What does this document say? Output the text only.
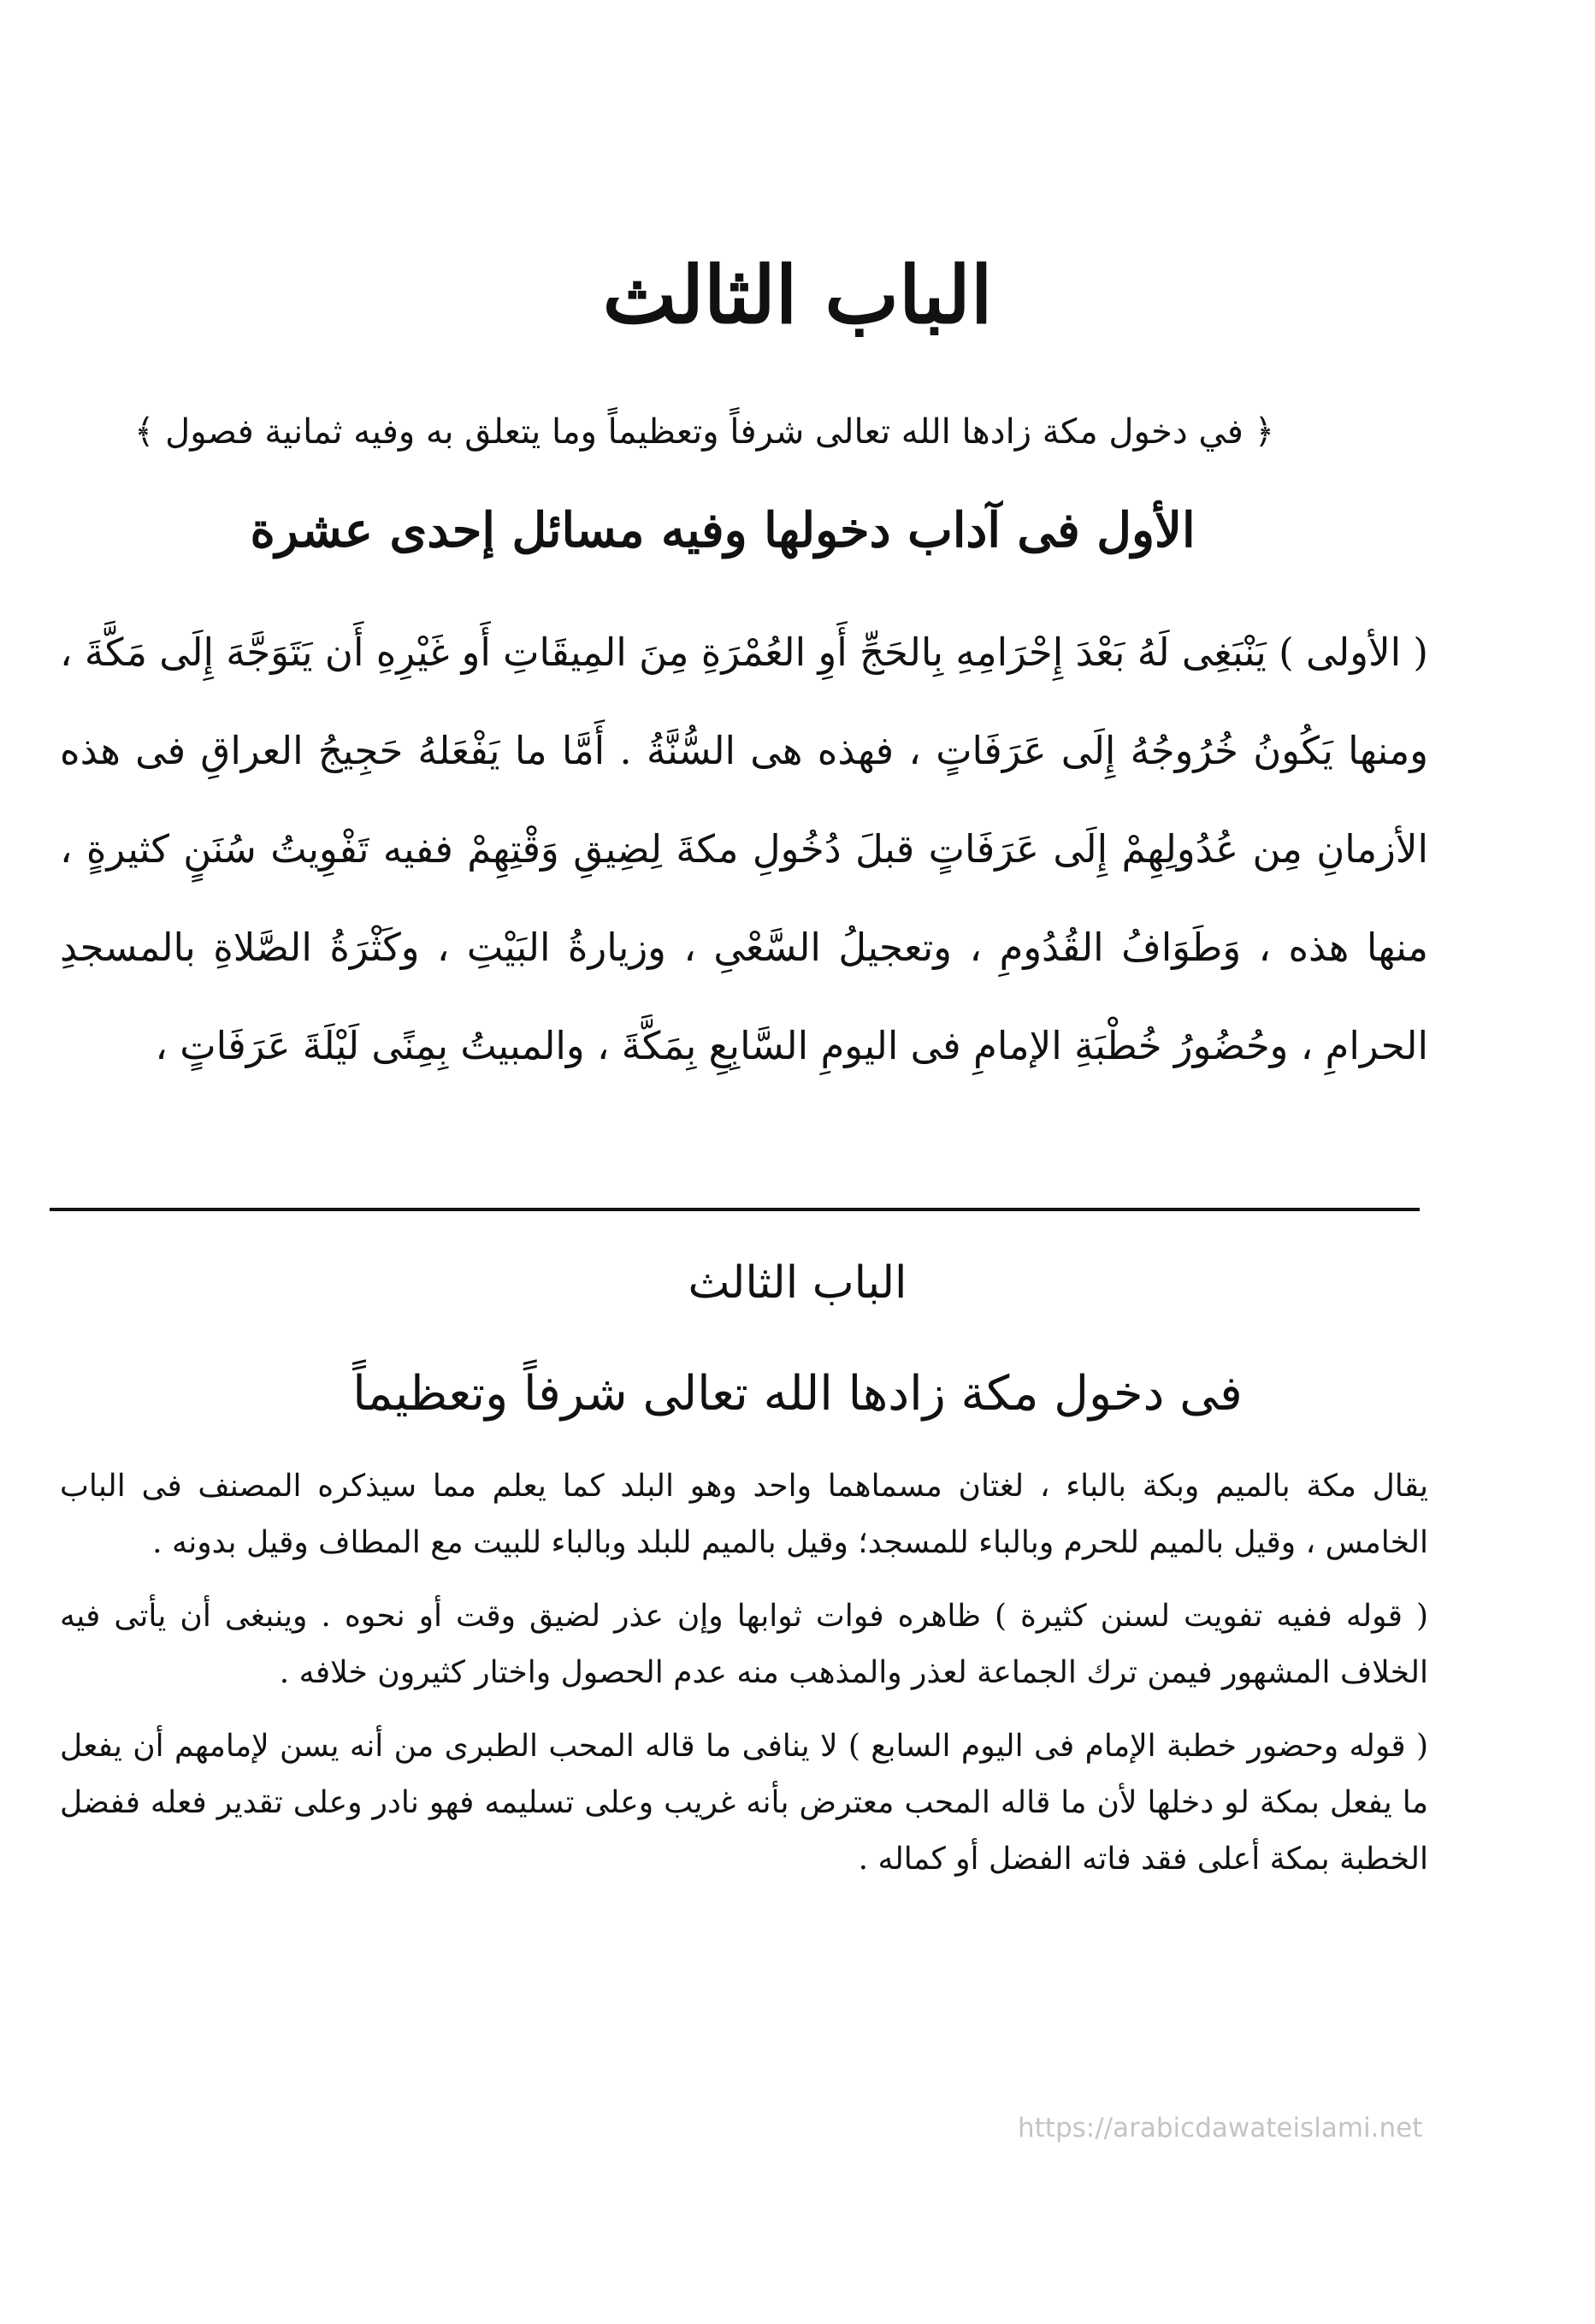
الباب الثالث
﴿ في دخول مكة زادها الله تعالى شرفاً وتعظيماً وما يتعلق به وفيه ثمانية فصول ﴾
الأول فى آداب دخولها وفيه مسائل إحدى عشرة

( الأولى ) يَنْبَغِى لَهُ بَعْدَ إِحْرَامِهِ بِالحَجِّ أَوِ العُمْرَةِ مِنَ المِيقَاتِ أَو غَيْرِهِ أَن يَتَوَجَّهَ إِلَى مَكَّةَ ، ومنها يَكُونُ خُرُوجُهُ إِلَى عَرَفَاتٍ ، فهذه هى السُّنَّةُ . أَمَّا ما يَفْعَلهُ حَجِيجُ العراقِ فى هذه الأزمانِ مِن عُدُولِهِمْ إِلَى عَرَفَاتٍ قبلَ دُخُولِ مكةَ لِضِيقِ وَقْتِهِمْ ففيه تَفْوِيتُ سُنَنٍ كثيرةٍ ، منها هذه ، وَطَوَافُ القُدُومِ ، وتعجيلُ السَّعْىِ ، وزيارةُ البَيْتِ ، وكَثْرَةُ الصَّلاةِ بالمسجدِ الحرامِ ، وحُضُورُ خُطْبَةِ الإمامِ فى اليومِ السَّابِعِ بِمَكَّةَ ، والمبيتُ بِمِنًى لَيْلَةَ عَرَفَاتٍ ،

الباب الثالث
فى دخول مكة زادها الله تعالى شرفاً وتعظيماً

يقال مكة بالميم وبكة بالباء ، لغتان مسماهما واحد وهو البلد كما يعلم مما سيذكره المصنف فى الباب الخامس ، وقيل بالميم للحرم وبالباء للمسجد؛ وقيل بالميم للبلد وبالباء للبيت مع المطاف وقيل بدونه .

( قوله ففيه تفويت لسنن كثيرة ) ظاهره فوات ثوابها وإن عذر لضيق وقت أو نحوه . وينبغى أن يأتى فيه الخلاف المشهور فيمن ترك الجماعة لعذر والمذهب منه عدم الحصول واختار كثيرون خلافه .

( قوله وحضور خطبة الإمام فى اليوم السابع ) لا ينافى ما قاله المحب الطبرى من أنه يسن لإمامهم أن يفعل ما يفعل بمكة لو دخلها لأن ما قاله المحب معترض بأنه غريب وعلى تسليمه فهو نادر وعلى تقدير فعله ففضل الخطبة بمكة أعلى فقد فاته الفضل أو كماله .

https://arabicdawateislami.net
